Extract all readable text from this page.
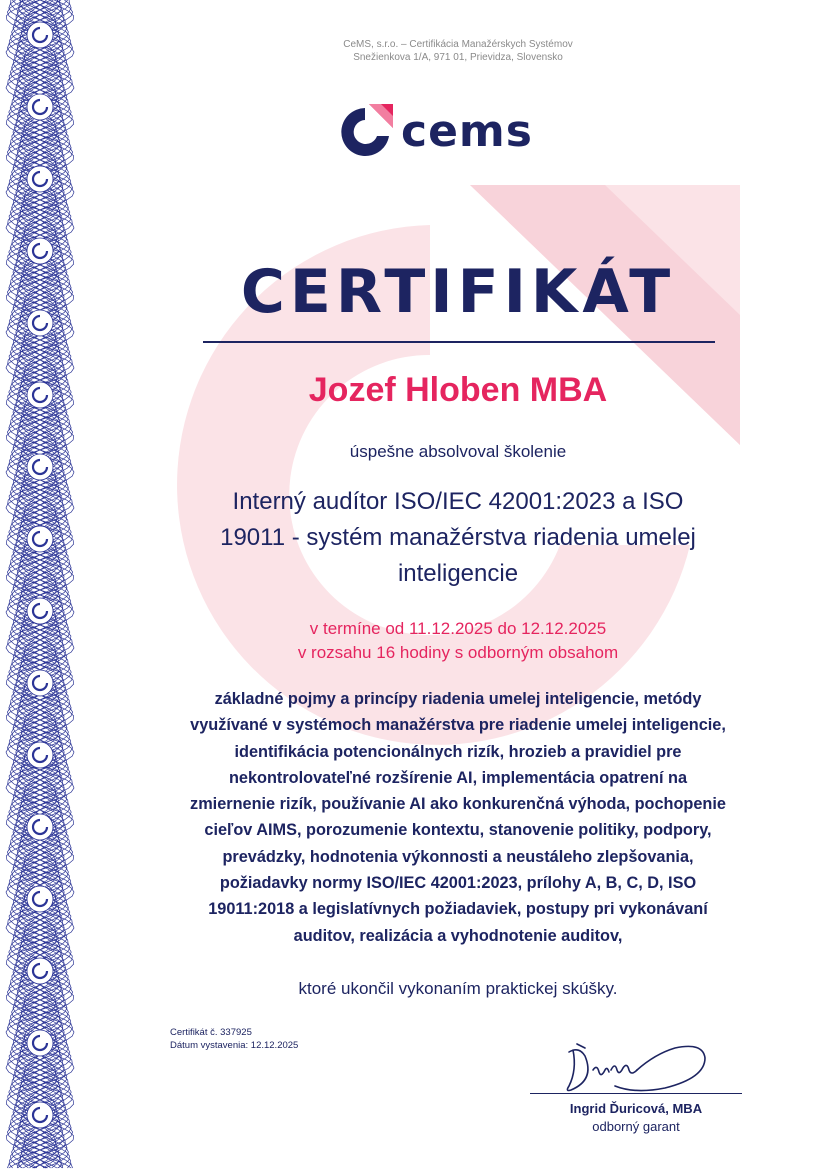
CeMS, s.r.o. – Certifikácia Manažérskych Systémov
Snežienkova 1/A, 971 01, Prievidza, Slovensko
cems
CERTIFIKÁT
Jozef Hloben MBA
úspešne absolvoval školenie
Interný audítor ISO/IEC 42001:2023 a ISO
19011 - systém manažérstva riadenia umelej
inteligencie
v termíne od 11.12.2025 do 12.12.2025
v rozsahu 16 hodiny s odborným obsahom
základné pojmy a princípy riadenia umelej inteligencie, metódy
využívané v systémoch manažérstva pre riadenie umelej inteligencie,
identifikácia potencionálnych rizík, hrozieb a pravidiel pre
nekontrolovateľné rozšírenie AI, implementácia opatrení na
zmiernenie rizík, používanie AI ako konkurenčná výhoda, pochopenie
cieľov AIMS, porozumenie kontextu, stanovenie politiky, podpory,
prevádzky, hodnotenia výkonnosti a neustáleho zlepšovania,
požiadavky normy ISO/IEC 42001:2023, prílohy A, B, C, D, ISO
19011:2018 a legislatívnych požiadaviek, postupy pri vykonávaní
auditov, realizácia a vyhodnotenie auditov,
ktoré ukončil vykonaním praktickej skúšky.
Certifikát č. 337925
Dátum vystavenia: 12.12.2025
Ingrid Ďuricová, MBA
odborný garant
